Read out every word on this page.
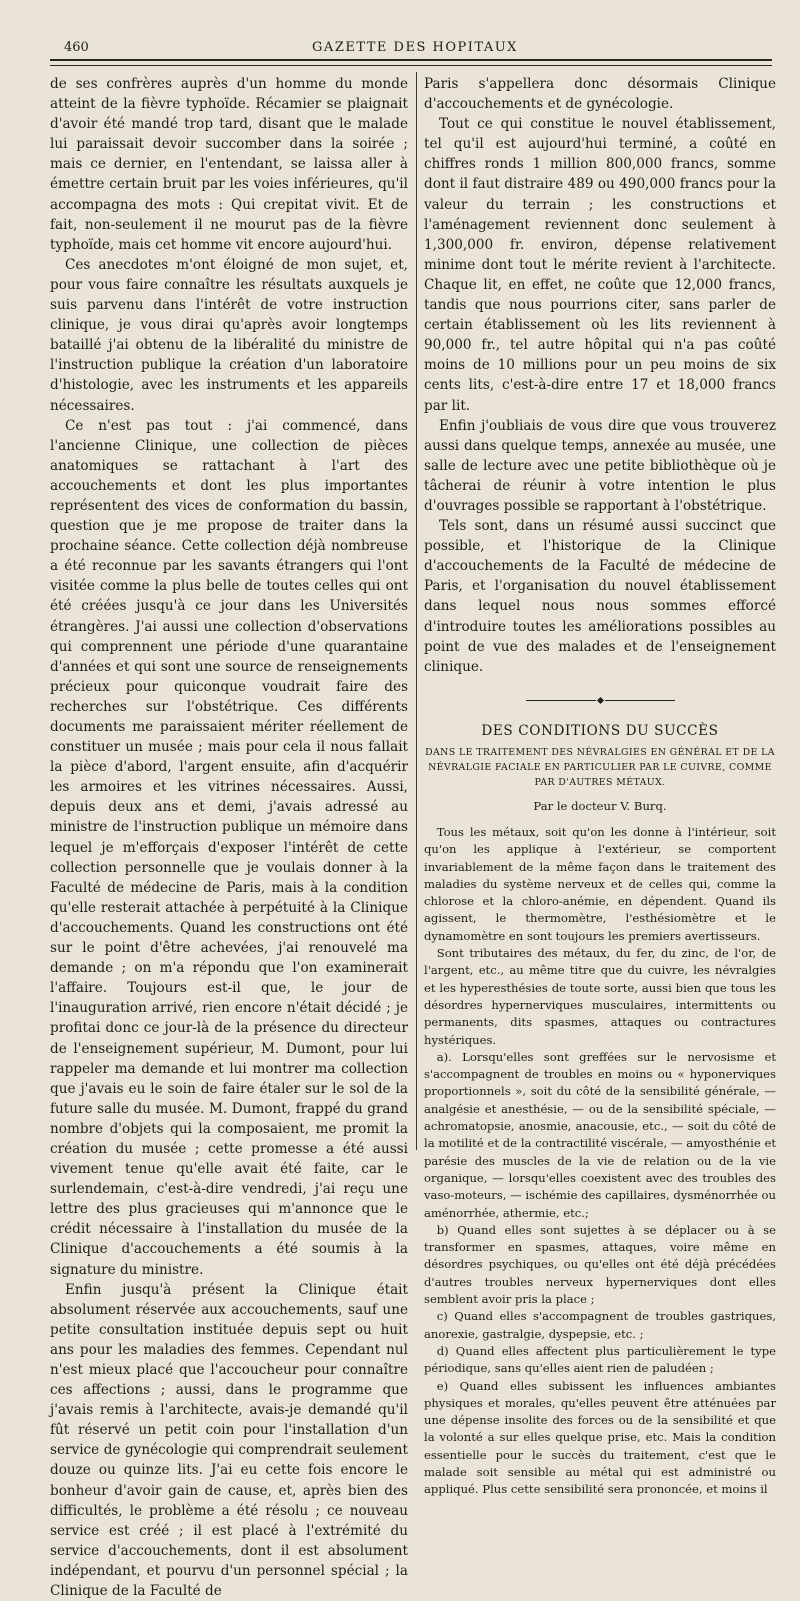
460	GAZETTE DES HOPITAUX

de ses confrères auprès d'un homme du monde atteint de la fièvre typhoïde. Récamier se plaignait d'avoir été mandé trop tard, disant que le malade lui paraissait devoir succomber dans la soirée ; mais ce dernier, en l'entendant, se laissa aller à émettre certain bruit par les voies inférieures, qu'il accompagna des mots : Qui crepitat vivit. Et de fait, non-seulement il ne mourut pas de la fièvre typhoïde, mais cet homme vit encore aujourd'hui.

Ces anecdotes m'ont éloigné de mon sujet, et, pour vous faire connaître les résultats auxquels je suis parvenu dans l'intérêt de votre instruction clinique, je vous dirai qu'après avoir longtemps bataillé j'ai obtenu de la libéralité du ministre de l'instruction publique la création d'un laboratoire d'histologie, avec les instruments et les appareils nécessaires.

Ce n'est pas tout : j'ai commencé, dans l'ancienne Clinique, une collection de pièces anatomiques se rattachant à l'art des accouchements et dont les plus importantes représentent des vices de conformation du bassin, question que je me propose de traiter dans la prochaine séance. Cette collection déjà nombreuse a été reconnue par les savants étrangers qui l'ont visitée comme la plus belle de toutes celles qui ont été créées jusqu'à ce jour dans les Universités étrangères. J'ai aussi une collection d'observations qui comprennent une période d'une quarantaine d'années et qui sont une source de renseignements précieux pour quiconque voudrait faire des recherches sur l'obstétrique. Ces différents documents me paraissaient mériter réellement de constituer un musée ; mais pour cela il nous fallait la pièce d'abord, l'argent ensuite, afin d'acquérir les armoires et les vitrines nécessaires. Aussi, depuis deux ans et demi, j'avais adressé au ministre de l'instruction publique un mémoire dans lequel je m'efforçais d'exposer l'intérêt de cette collection personnelle que je voulais donner à la Faculté de médecine de Paris, mais à la condition qu'elle resterait attachée à perpétuité à la Clinique d'accouchements. Quand les constructions ont été sur le point d'être achevées, j'ai renouvelé ma demande ; on m'a répondu que l'on examinerait l'affaire. Toujours est-il que, le jour de l'inauguration arrivé, rien encore n'était décidé ; je profitai donc ce jour-là de la présence du directeur de l'enseignement supérieur, M. Dumont, pour lui rappeler ma demande et lui montrer ma collection que j'avais eu le soin de faire étaler sur le sol de la future salle du musée. M. Dumont, frappé du grand nombre d'objets qui la composaient, me promit la création du musée ; cette promesse a été aussi vivement tenue qu'elle avait été faite, car le surlendemain, c'est-à-dire vendredi, j'ai reçu une lettre des plus gracieuses qui m'annonce que le crédit nécessaire à l'installation du musée de la Clinique d'accouchements a été soumis à la signature du ministre.

Enfin jusqu'à présent la Clinique était absolument réservée aux accouchements, sauf une petite consultation instituée depuis sept ou huit ans pour les maladies des femmes. Cependant nul n'est mieux placé que l'accoucheur pour connaître ces affections ; aussi, dans le programme que j'avais remis à l'architecte, avais-je demandé qu'il fût réservé un petit coin pour l'installation d'un service de gynécologie qui comprendrait seulement douze ou quinze lits. J'ai eu cette fois encore le bonheur d'avoir gain de cause, et, après bien des difficultés, le problème a été résolu ; ce nouveau service est créé ; il est placé à l'extrémité du service d'accouchements, dont il est absolument indépendant, et pourvu d'un personnel spécial ; la Clinique de la Faculté de

Paris s'appellera donc désormais Clinique d'accouchements et de gynécologie.

Tout ce qui constitue le nouvel établissement, tel qu'il est aujourd'hui terminé, a coûté en chiffres ronds 1 million 800,000 francs, somme dont il faut distraire 489 ou 490,000 francs pour la valeur du terrain ; les constructions et l'aménagement reviennent donc seulement à 1,300,000 fr. environ, dépense relativement minime dont tout le mérite revient à l'architecte. Chaque lit, en effet, ne coûte que 12,000 francs, tandis que nous pourrions citer, sans parler de certain établissement où les lits reviennent à 90,000 fr., tel autre hôpital qui n'a pas coûté moins de 10 millions pour un peu moins de six cents lits, c'est-à-dire entre 17 et 18,000 francs par lit.

Enfin j'oubliais de vous dire que vous trouverez aussi dans quelque temps, annexée au musée, une salle de lecture avec une petite bibliothèque où je tâcherai de réunir à votre intention le plus d'ouvrages possible se rapportant à l'obstétrique.

Tels sont, dans un résumé aussi succinct que possible, et l'historique de la Clinique d'accouchements de la Faculté de médecine de Paris, et l'organisation du nouvel établissement dans lequel nous nous sommes efforcé d'introduire toutes les améliorations possibles au point de vue des malades et de l'enseignement clinique.

DES CONDITIONS DU SUCCÈS
DANS LE TRAITEMENT DES NÉVRALGIES EN GÉNÉRAL ET DE LA NÉVRALGIE FACIALE EN PARTICULIER PAR LE CUIVRE, COMME PAR D'AUTRES MÉTAUX.
Par le docteur V. Burq.

Tous les métaux, soit qu'on les donne à l'intérieur, soit qu'on les applique à l'extérieur, se comportent invariablement de la même façon dans le traitement des maladies du système nerveux et de celles qui, comme la chlorose et la chloro-anémie, en dépendent. Quand ils agissent, le thermomètre, l'esthésiomètre et le dynamomètre en sont toujours les premiers avertisseurs.

Sont tributaires des métaux, du fer, du zinc, de l'or, de l'argent, etc., au même titre que du cuivre, les névralgies et les hyperesthésies de toute sorte, aussi bien que tous les désordres hypernerviques musculaires, intermittents ou permanents, dits spasmes, attaques ou contractures hystériques.

a). Lorsqu'elles sont greffées sur le nervosisme et s'accompagnent de troubles en moins ou « hyponerviques proportionnels », soit du côté de la sensibilité générale, — analgésie et anesthésie, — ou de la sensibilité spéciale, — achromatopsie, anosmie, anacousie, etc., — soit du côté de la motilité et de la contractilité viscérale, — amyosthénie et parésie des muscles de la vie de relation ou de la vie organique, — lorsqu'elles coexistent avec des troubles des vaso-moteurs, — ischémie des capillaires, dysménorrhée ou aménorrhée, athermie, etc.;

b) Quand elles sont sujettes à se déplacer ou à se transformer en spasmes, attaques, voire même en désordres psychiques, ou qu'elles ont été déjà précédées d'autres troubles nerveux hypernerviques dont elles semblent avoir pris la place ;

c) Quand elles s'accompagnent de troubles gastriques, anorexie, gastralgie, dyspepsie, etc. ;

d) Quand elles affectent plus particulièrement le type périodique, sans qu'elles aient rien de paludéen ;

e) Quand elles subissent les influences ambiantes physiques et morales, qu'elles peuvent être atténuées par une dépense insolite des forces ou de la sensibilité et que la volonté a sur elles quelque prise, etc. Mais la condition essentielle pour le succès du traitement, c'est que le malade soit sensible au métal qui est administré ou appliqué. Plus cette sensibilité sera prononcée, et moins il
